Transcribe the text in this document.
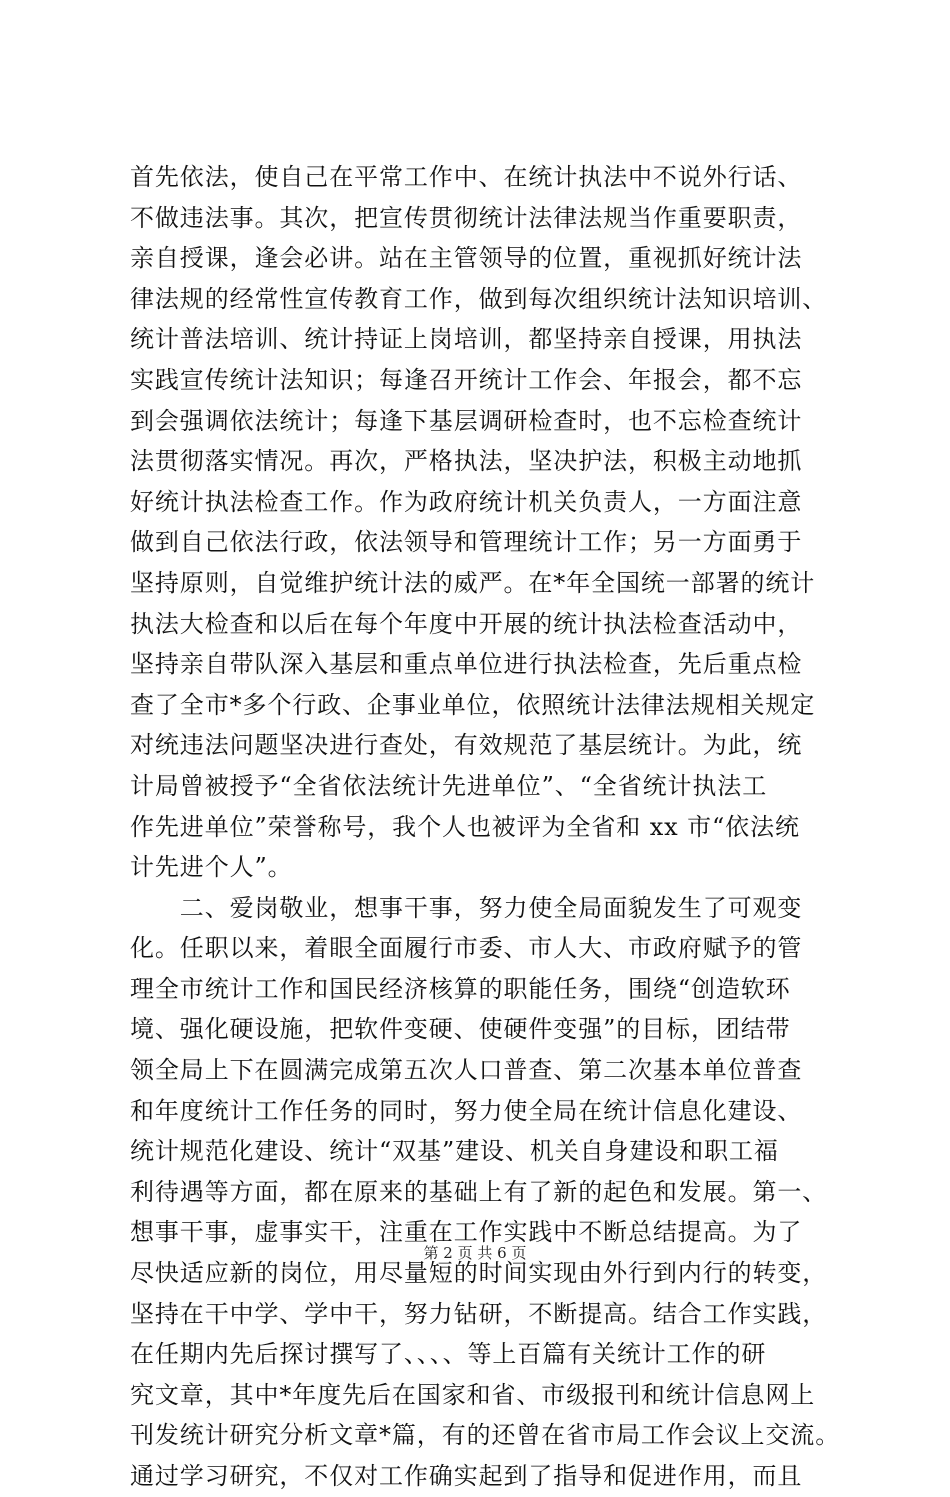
首先依法，使自己在平常工作中、在统计执法中不说外行话、
不做违法事。其次，把宣传贯彻统计法律法规当作重要职责，
亲自授课，逢会必讲。站在主管领导的位置，重视抓好统计法
律法规的经常性宣传教育工作，做到每次组织统计法知识培训、
统计普法培训、统计持证上岗培训，都坚持亲自授课，用执法
实践宣传统计法知识；每逢召开统计工作会、年报会，都不忘
到会强调依法统计；每逢下基层调研检查时，也不忘检查统计
法贯彻落实情况。再次，严格执法，坚决护法，积极主动地抓
好统计执法检查工作。作为政府统计机关负责人，一方面注意
做到自己依法行政，依法领导和管理统计工作；另一方面勇于
坚持原则，自觉维护统计法的威严。在*年全国统一部署的统计
执法大检查和以后在每个年度中开展的统计执法检查活动中，
坚持亲自带队深入基层和重点单位进行执法检查，先后重点检
查了全市*多个行政、企事业单位，依照统计法律法规相关规定
对统违法问题坚决进行查处，有效规范了基层统计。为此，统
计局曾被授予“全省依法统计先进单位”、“全省统计执法工
作先进单位”荣誉称号，我个人也被评为全省和 xx 市“依法统
计先进个人”。
　　二、爱岗敬业，想事干事，努力使全局面貌发生了可观变
化。任职以来，着眼全面履行市委、市人大、市政府赋予的管
理全市统计工作和国民经济核算的职能任务，围绕“创造软环
境、强化硬设施，把软件变硬、使硬件变强”的目标，团结带
领全局上下在圆满完成第五次人口普查、第二次基本单位普查
和年度统计工作任务的同时，努力使全局在统计信息化建设、
统计规范化建设、统计“双基”建设、机关自身建设和职工福
利待遇等方面，都在原来的基础上有了新的起色和发展。第一、
想事干事，虚事实干，注重在工作实践中不断总结提高。为了
尽快适应新的岗位，用尽量短的时间实现由外行到内行的转变，
坚持在干中学、学中干，努力钻研，不断提高。结合工作实践，
在任期内先后探讨撰写了、、、、等上百篇有关统计工作的研
究文章，其中*年度先后在国家和省、市级报刊和统计信息网上
刊发统计研究分析文章*篇，有的还曾在省市局工作会议上交流。
通过学习研究，不仅对工作确实起到了指导和促进作用，而且
第 2 页 共 6 页
